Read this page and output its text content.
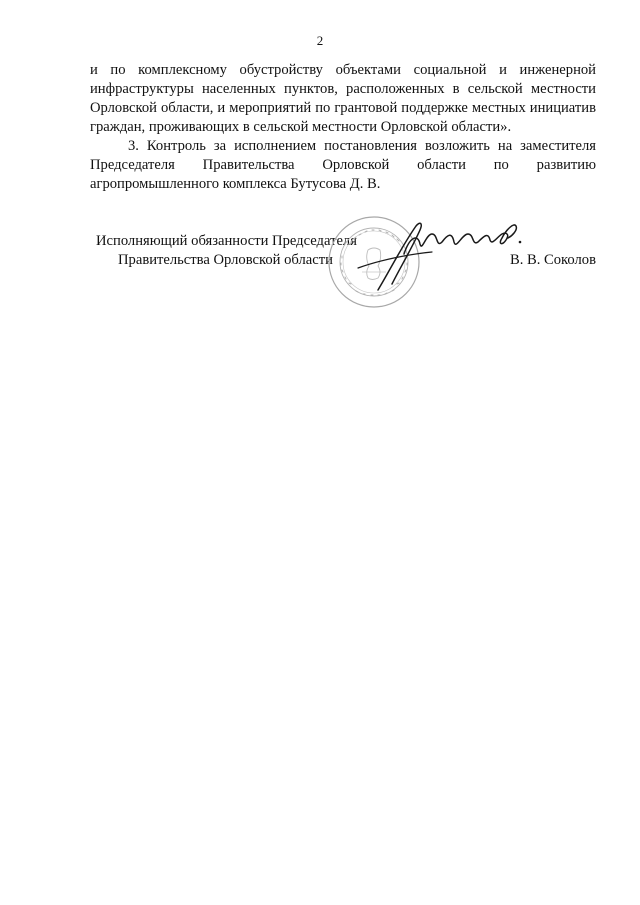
2

и по комплексному обустройству объектами социальной и инженерной инфраструктуры населенных пунктов, расположенных в сельской местности Орловской области, и мероприятий по грантовой поддержке местных инициатив граждан, проживающих в сельской местности Орловской области».

3. Контроль за исполнением постановления возложить на заместителя Председателя Правительства Орловской области по развитию агропромышленного комплекса Бутусова Д. В.

Исполняющий обязанности Председателя
Правительства Орловской области	В. В. Соколов
